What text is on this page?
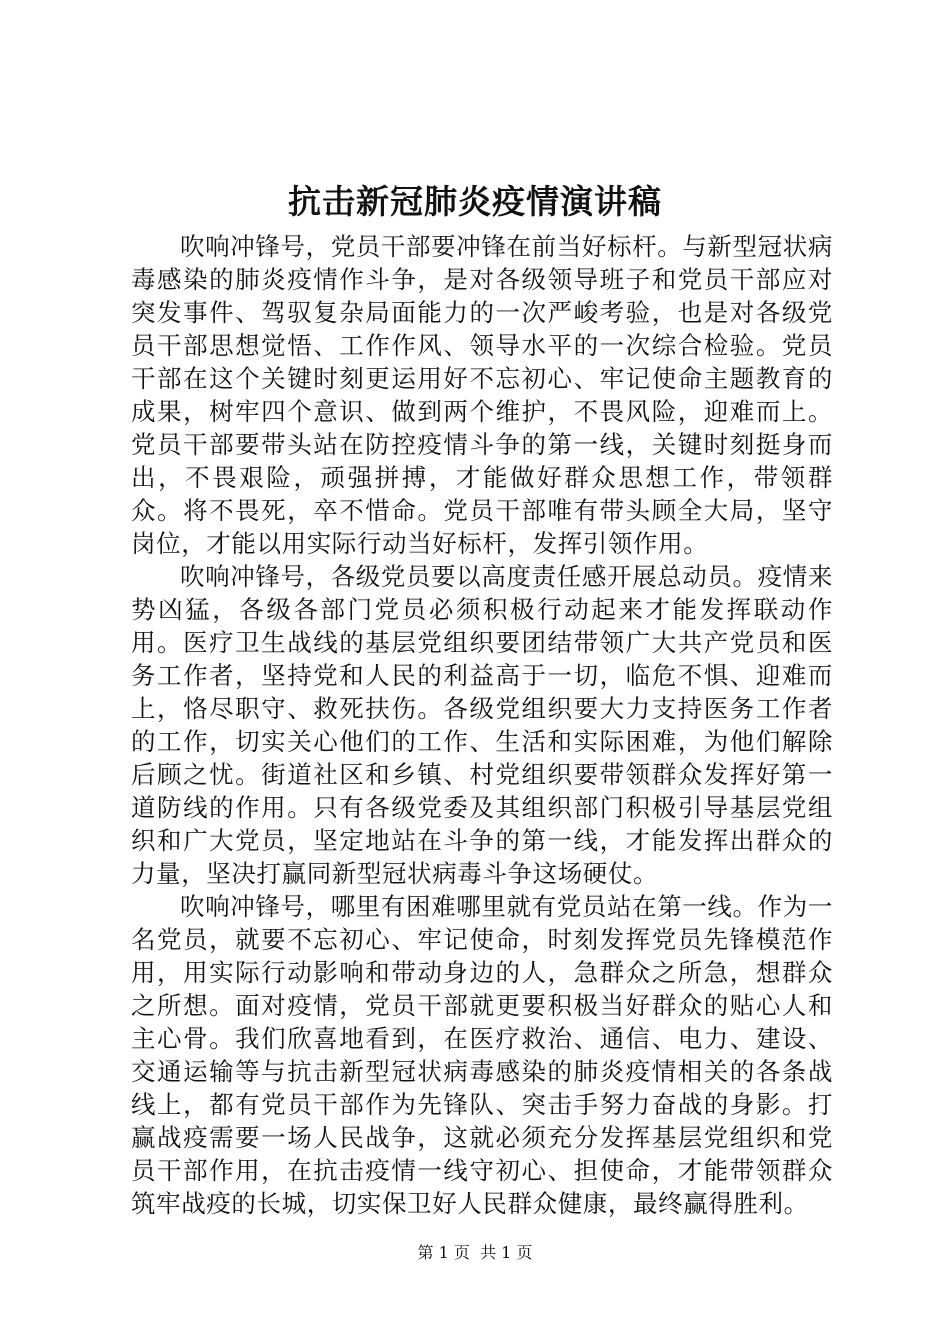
抗击新冠肺炎疫情演讲稿

吹响冲锋号，党员干部要冲锋在前当好标杆。与新型冠状病毒感染的肺炎疫情作斗争，是对各级领导班子和党员干部应对突发事件、驾驭复杂局面能力的一次严峻考验，也是对各级党员干部思想觉悟、工作作风、领导水平的一次综合检验。党员干部在这个关键时刻更运用好不忘初心、牢记使命主题教育的成果，树牢四个意识、做到两个维护，不畏风险，迎难而上。党员干部要带头站在防控疫情斗争的第一线，关键时刻挺身而出，不畏艰险，顽强拼搏，才能做好群众思想工作，带领群众。将不畏死，卒不惜命。党员干部唯有带头顾全大局，坚守岗位，才能以用实际行动当好标杆，发挥引领作用。

吹响冲锋号，各级党员要以高度责任感开展总动员。疫情来势凶猛，各级各部门党员必须积极行动起来才能发挥联动作用。医疗卫生战线的基层党组织要团结带领广大共产党员和医务工作者，坚持党和人民的利益高于一切，临危不惧、迎难而上，恪尽职守、救死扶伤。各级党组织要大力支持医务工作者的工作，切实关心他们的工作、生活和实际困难，为他们解除后顾之忧。街道社区和乡镇、村党组织要带领群众发挥好第一道防线的作用。只有各级党委及其组织部门积极引导基层党组织和广大党员，坚定地站在斗争的第一线，才能发挥出群众的力量，坚决打赢同新型冠状病毒斗争这场硬仗。

吹响冲锋号，哪里有困难哪里就有党员站在第一线。作为一名党员，就要不忘初心、牢记使命，时刻发挥党员先锋模范作用，用实际行动影响和带动身边的人，急群众之所急，想群众之所想。面对疫情，党员干部就更要积极当好群众的贴心人和主心骨。我们欣喜地看到，在医疗救治、通信、电力、建设、交通运输等与抗击新型冠状病毒感染的肺炎疫情相关的各条战线上，都有党员干部作为先锋队、突击手努力奋战的身影。打赢战疫需要一场人民战争，这就必须充分发挥基层党组织和党员干部作用，在抗击疫情一线守初心、担使命，才能带领群众筑牢战疫的长城，切实保卫好人民群众健康，最终赢得胜利。

第 1 页  共 1 页
